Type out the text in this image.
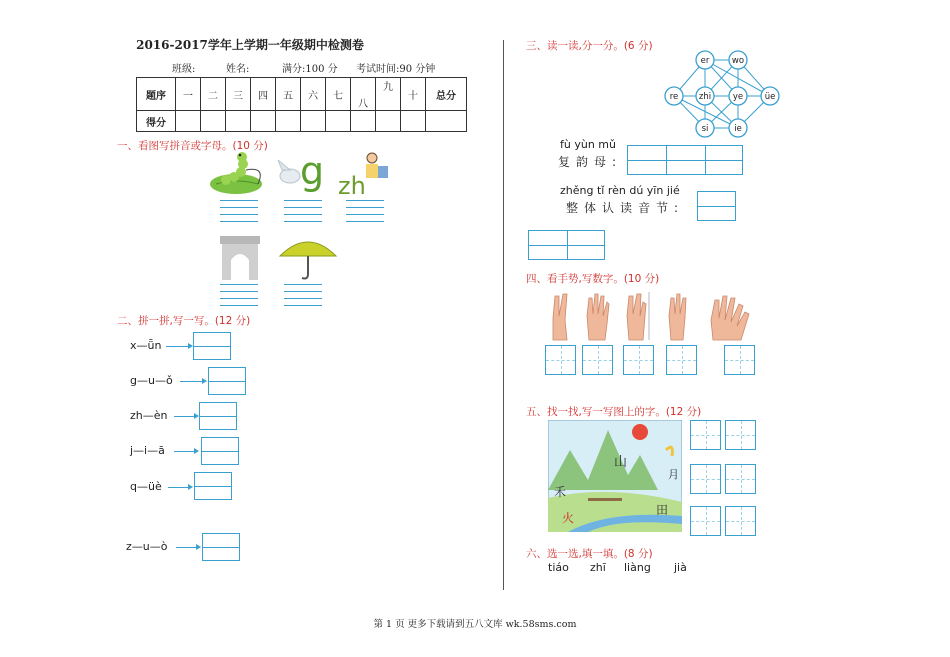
2016-2017学年上学期一年级期中检测卷
班级:	姓名:	满分:100 分 考试时间:90 分钟
题序	一	二	三	四	五	六	七	八	九	十	总分
得分											
一、看图写拼音或字母。(10 分)
g zh
二、拼一拼,写一写。(12 分)
x—ǖn
g—u—ǒ
zh—èn
j—i—ā
q—üè
z—u—ò
三、读一读,分一分。(6 分)
er	wo
re zhi	ye	üe
si	ie
fù yùn mǔ
复韵母:
zhěng tǐ rèn dú yīn jié
整体认读音节:
四、看手势,写数字。(10 分)
五、找一找,写一写图上的字。(12 分)
山
月
禾
田
火
六、选一选,填一填。(8 分)
tiáo zhī liàng jià
第 1 页 更多下载请到五八文库 wk.58sms.com
